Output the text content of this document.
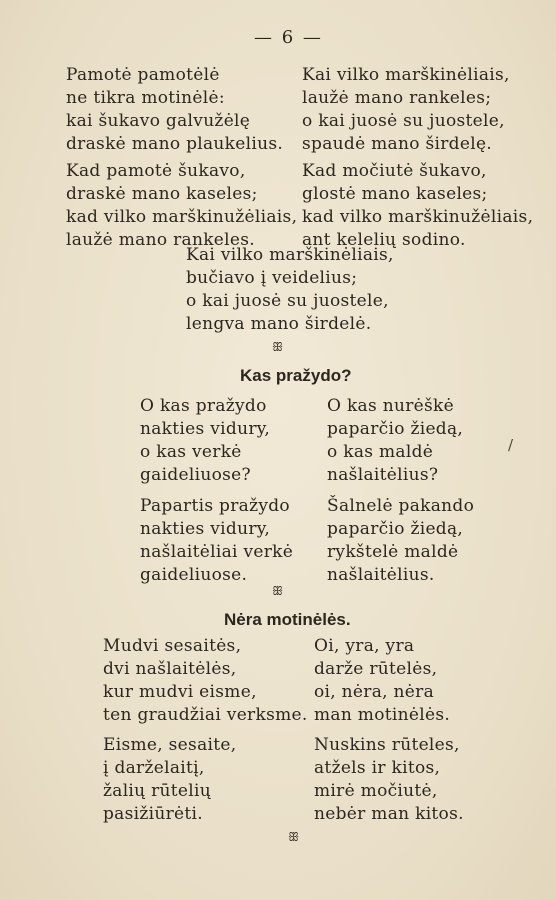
— 6 —
Pamotė pamotėlė
ne tikra motinėlė:
kai šukavo galvužėlę
draskė mano plaukelius.
Kad pamotė šukavo,
draskė mano kaseles;
kad vilko marškinužėliais,
laužė mano rankeles.
Kai vilko marškinėliais,
laužė mano rankeles;
o kai juosė su juostele,
spaudė mano širdelę.
Kad močiutė šukavo,
glostė mano kaseles;
kad vilko marškinužėliais,
ant kelelių sodino.
Kai vilko marškinėliais,
bučiavo į veidelius;
o kai juosė su juostele,
lengva mano širdelė.
ꕥ
Kas pražydo?
O kas pražydo
nakties vidury,
o kas verkė
gaideliuose?
Papartis pražydo
nakties vidury,
našlaitėliai verkė
gaideliuose.
O kas nurėškė
paparčio žiedą,
o kas maldė
našlaitėlius?
Šalnelė pakando
paparčio žiedą,
rykštelė maldė
našlaitėlius.
/
ꕥ
Nėra motinėlės.
Mudvi sesaitės,
dvi našlaitėlės,
kur mudvi eisme,
ten graudžiai verksme.
Eisme, sesaite,
į darželaitį,
žalių rūtelių
pasižiūrėti.
Oi, yra, yra
darže rūtelės,
oi, nėra, nėra
man motinėlės.
Nuskins rūteles,
atžels ir kitos,
mirė močiutė,
nebėr man kitos.
ꕥ
